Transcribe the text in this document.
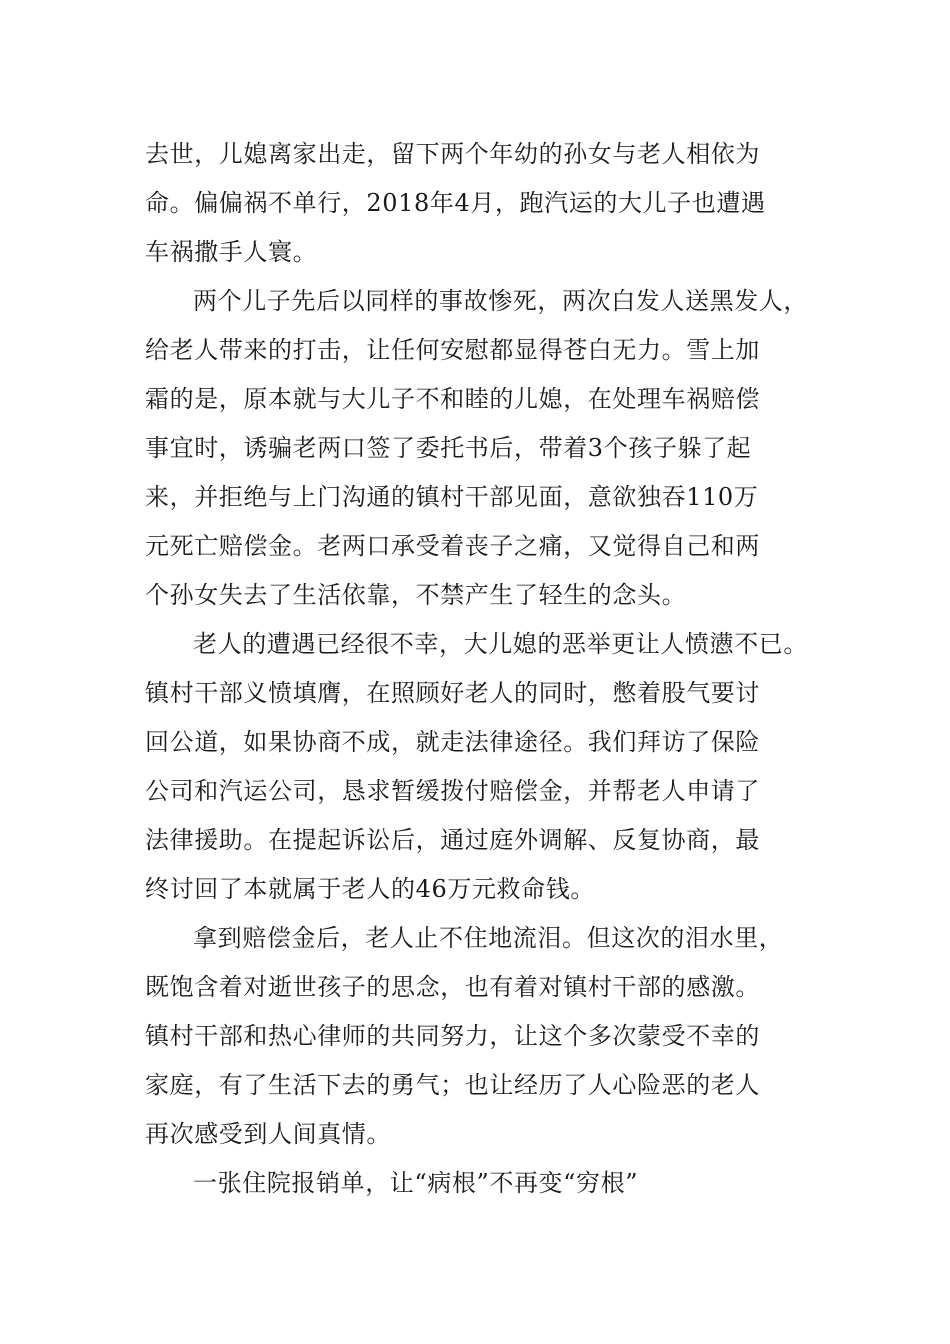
去世，儿媳离家出走，留下两个年幼的孙女与老人相依为
命。偏偏祸不单行，2018年4月，跑汽运的大儿子也遭遇
车祸撒手人寰。
两个儿子先后以同样的事故惨死，两次白发人送黑发人，
给老人带来的打击，让任何安慰都显得苍白无力。雪上加
霜的是，原本就与大儿子不和睦的儿媳，在处理车祸赔偿
事宜时，诱骗老两口签了委托书后，带着3个孩子躲了起
来，并拒绝与上门沟通的镇村干部见面，意欲独吞110万
元死亡赔偿金。老两口承受着丧子之痛，又觉得自己和两
个孙女失去了生活依靠，不禁产生了轻生的念头。
老人的遭遇已经很不幸，大儿媳的恶举更让人愤懑不已。
镇村干部义愤填膺，在照顾好老人的同时，憋着股气要讨
回公道，如果协商不成，就走法律途径。我们拜访了保险
公司和汽运公司，恳求暂缓拨付赔偿金，并帮老人申请了
法律援助。在提起诉讼后，通过庭外调解、反复协商，最
终讨回了本就属于老人的46万元救命钱。
拿到赔偿金后，老人止不住地流泪。但这次的泪水里，
既饱含着对逝世孩子的思念，也有着对镇村干部的感激。
镇村干部和热心律师的共同努力，让这个多次蒙受不幸的
家庭，有了生活下去的勇气；也让经历了人心险恶的老人
再次感受到人间真情。
一张住院报销单，让“病根”不再变“穷根”
